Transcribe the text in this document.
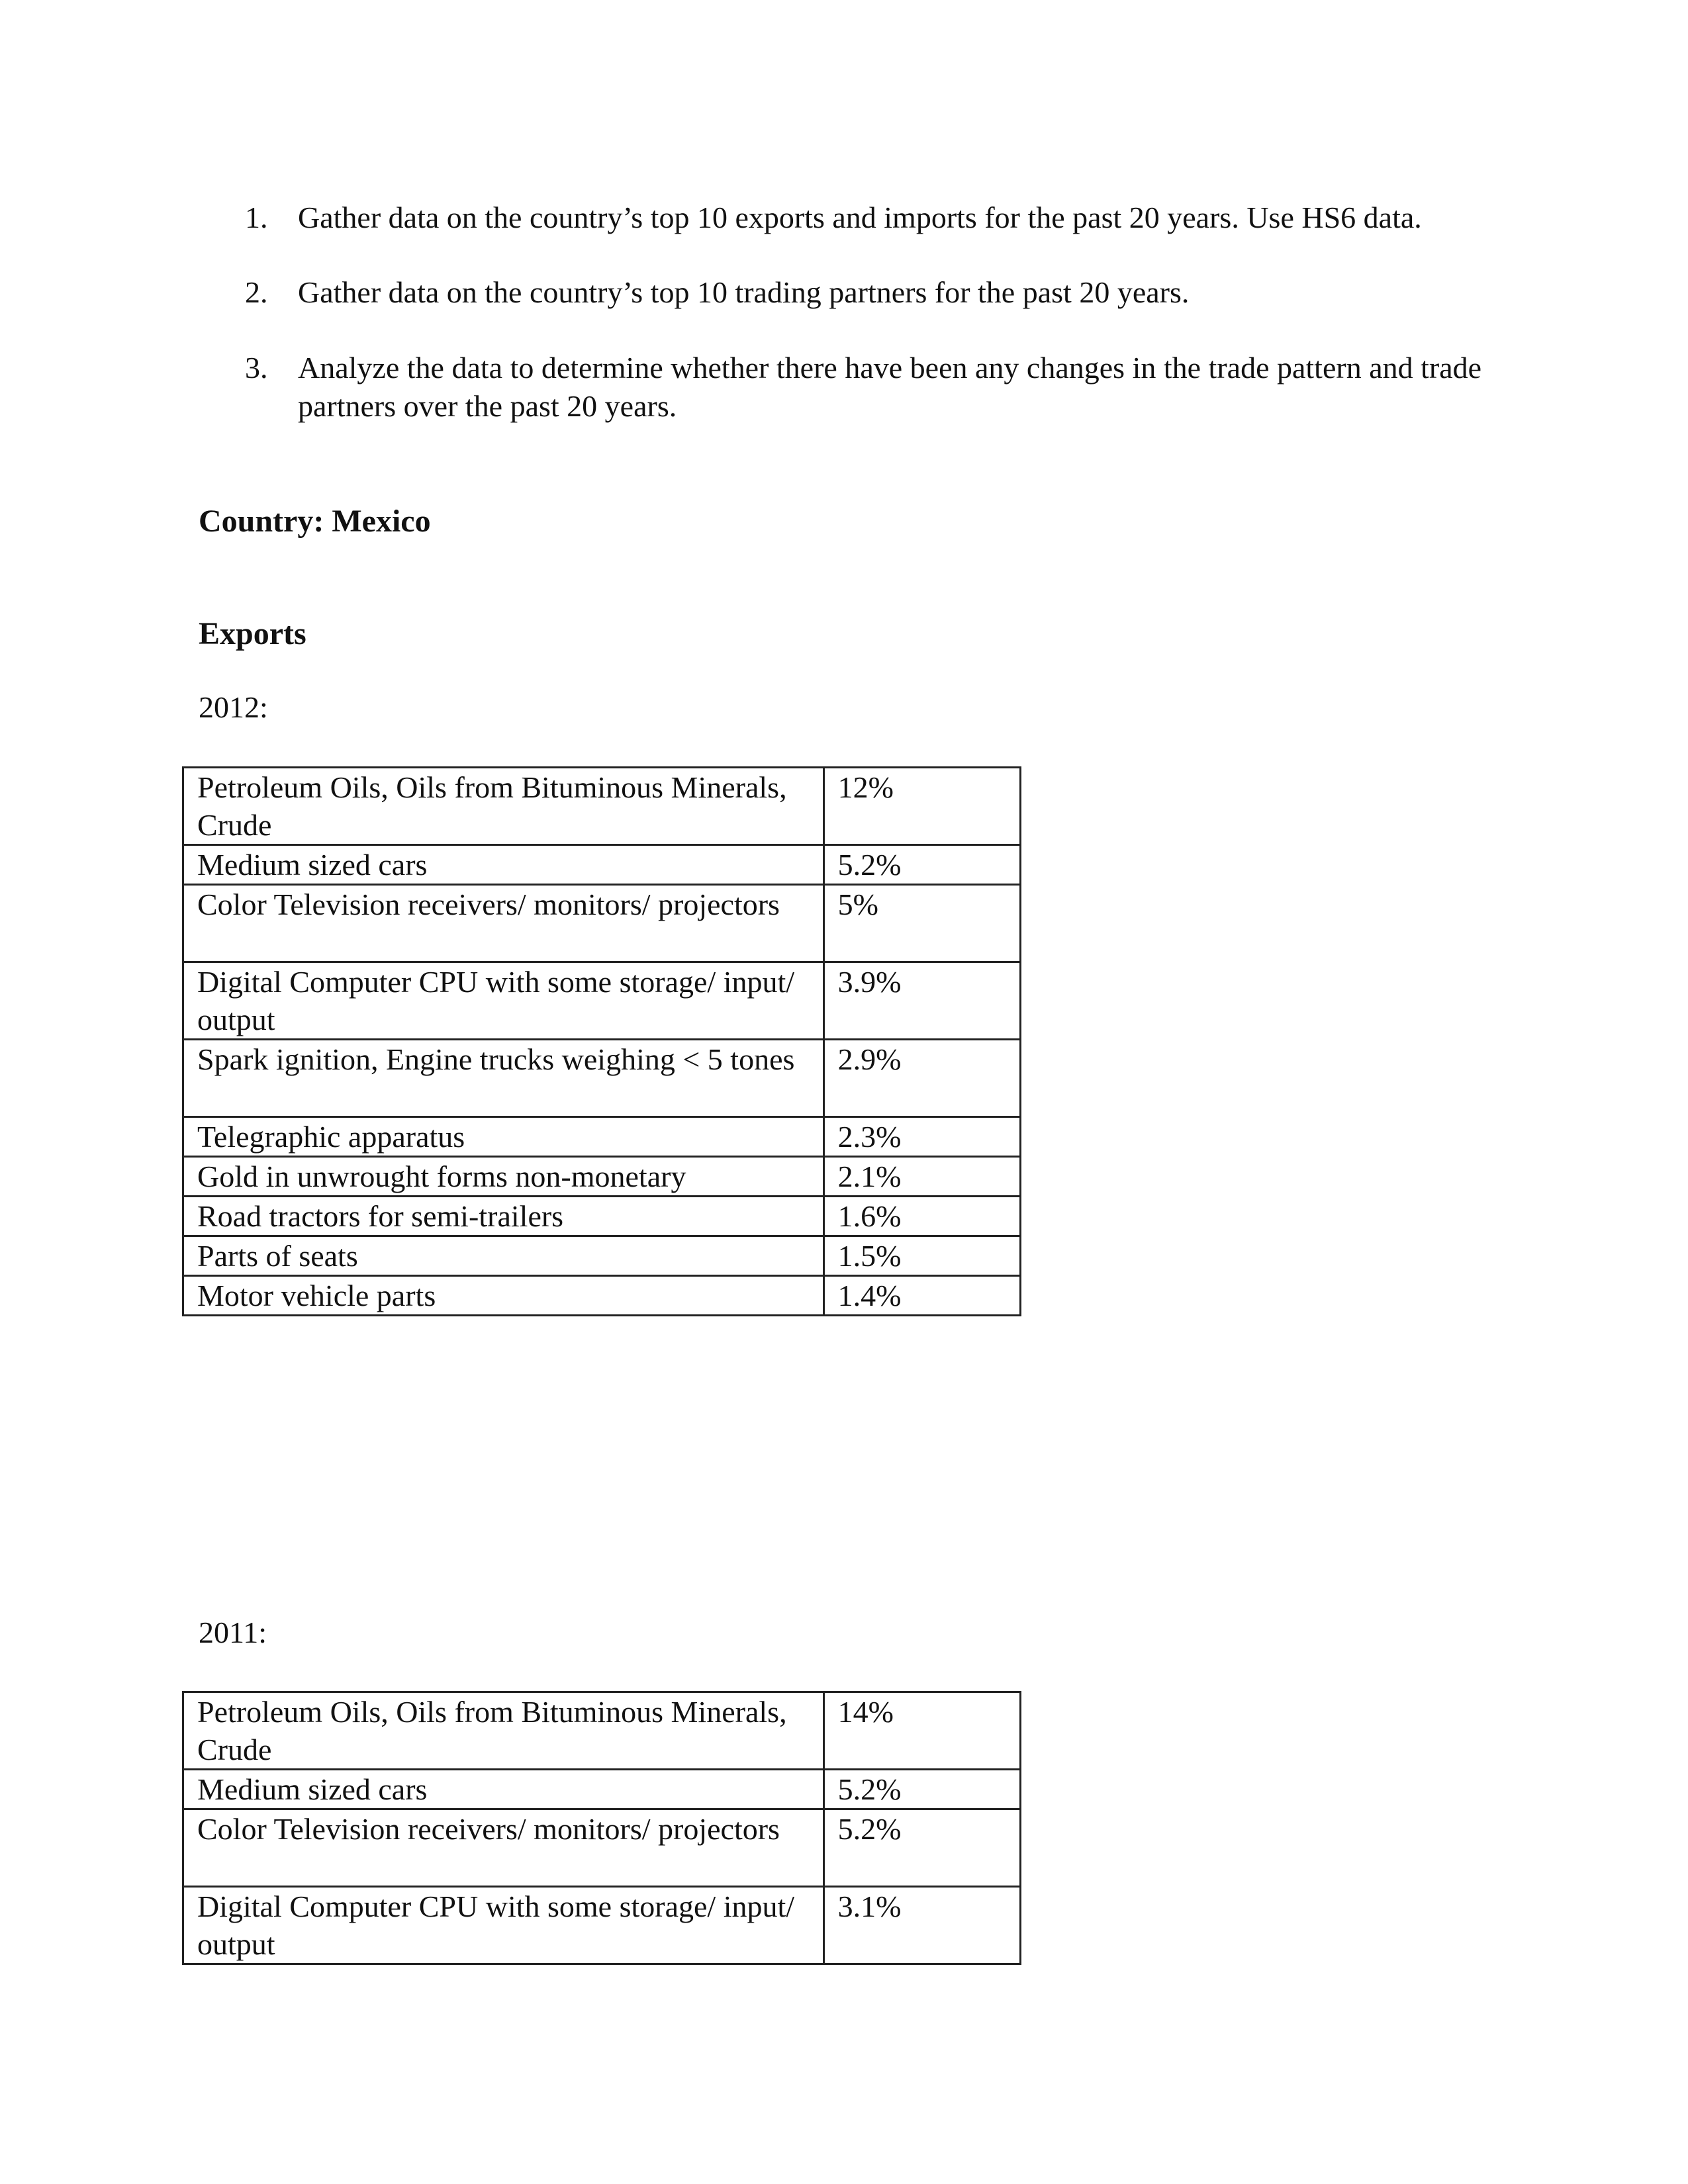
1. Gather data on the country’s top 10 exports and imports for the past 20 years. Use HS6 data.
2. Gather data on the country’s top 10 trading partners for the past 20 years.
3. Analyze the data to determine whether there have been any changes in the trade pattern and trade partners over the past 20 years.
Country: Mexico
Exports
2012:
Petroleum Oils, Oils from Bituminous Minerals, Crude	12%
Medium sized cars	5.2%
Color Television receivers/ monitors/ projectors	5%
Digital Computer CPU with some storage/ input/ output	3.9%
Spark ignition, Engine trucks weighing < 5 tones	2.9%
Telegraphic apparatus	2.3%
Gold in unwrought forms non-monetary	2.1%
Road tractors for semi-trailers	1.6%
Parts of seats	1.5%
Motor vehicle parts	1.4%
2011:
Petroleum Oils, Oils from Bituminous Minerals, Crude	14%
Medium sized cars	5.2%
Color Television receivers/ monitors/ projectors	5.2%
Digital Computer CPU with some storage/ input/ output	3.1%
